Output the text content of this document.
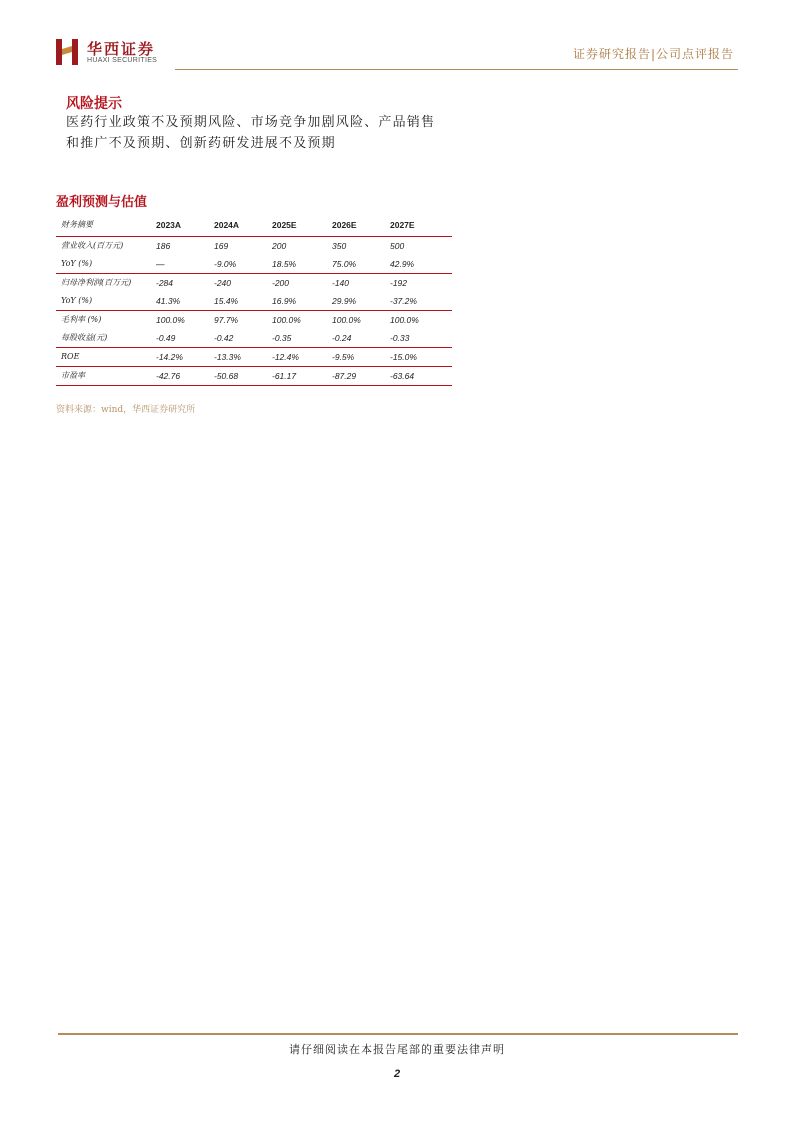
华西证券
HUAXI SECURITIES	证券研究报告|公司点评报告
风险提示
医药行业政策不及预期风险、市场竞争加剧风险、产品销售和推广不及预期、创新药研发进展不及预期
盈利预测与估值
财务摘要	2023A	2024A	2025E	2026E	2027E
营业收入(百万元)	186	169	200	350	500
YoY (%)	—	-9.0%	18.5%	75.0%	42.9%
归母净利润(百万元)	-284	-240	-200	-140	-192
YoY (%)	41.3%	15.4%	16.9%	29.9%	-37.2%
毛利率 (%)	100.0%	97.7%	100.0%	100.0%	100.0%
每股收益(元)	-0.49	-0.42	-0.35	-0.24	-0.33
ROE	-14.2%	-13.3%	-12.4%	-9.5%	-15.0%
市盈率	-42.76	-50.68	-61.17	-87.29	-63.64
资料来源：wind，华西证券研究所
请仔细阅读在本报告尾部的重要法律声明
2
